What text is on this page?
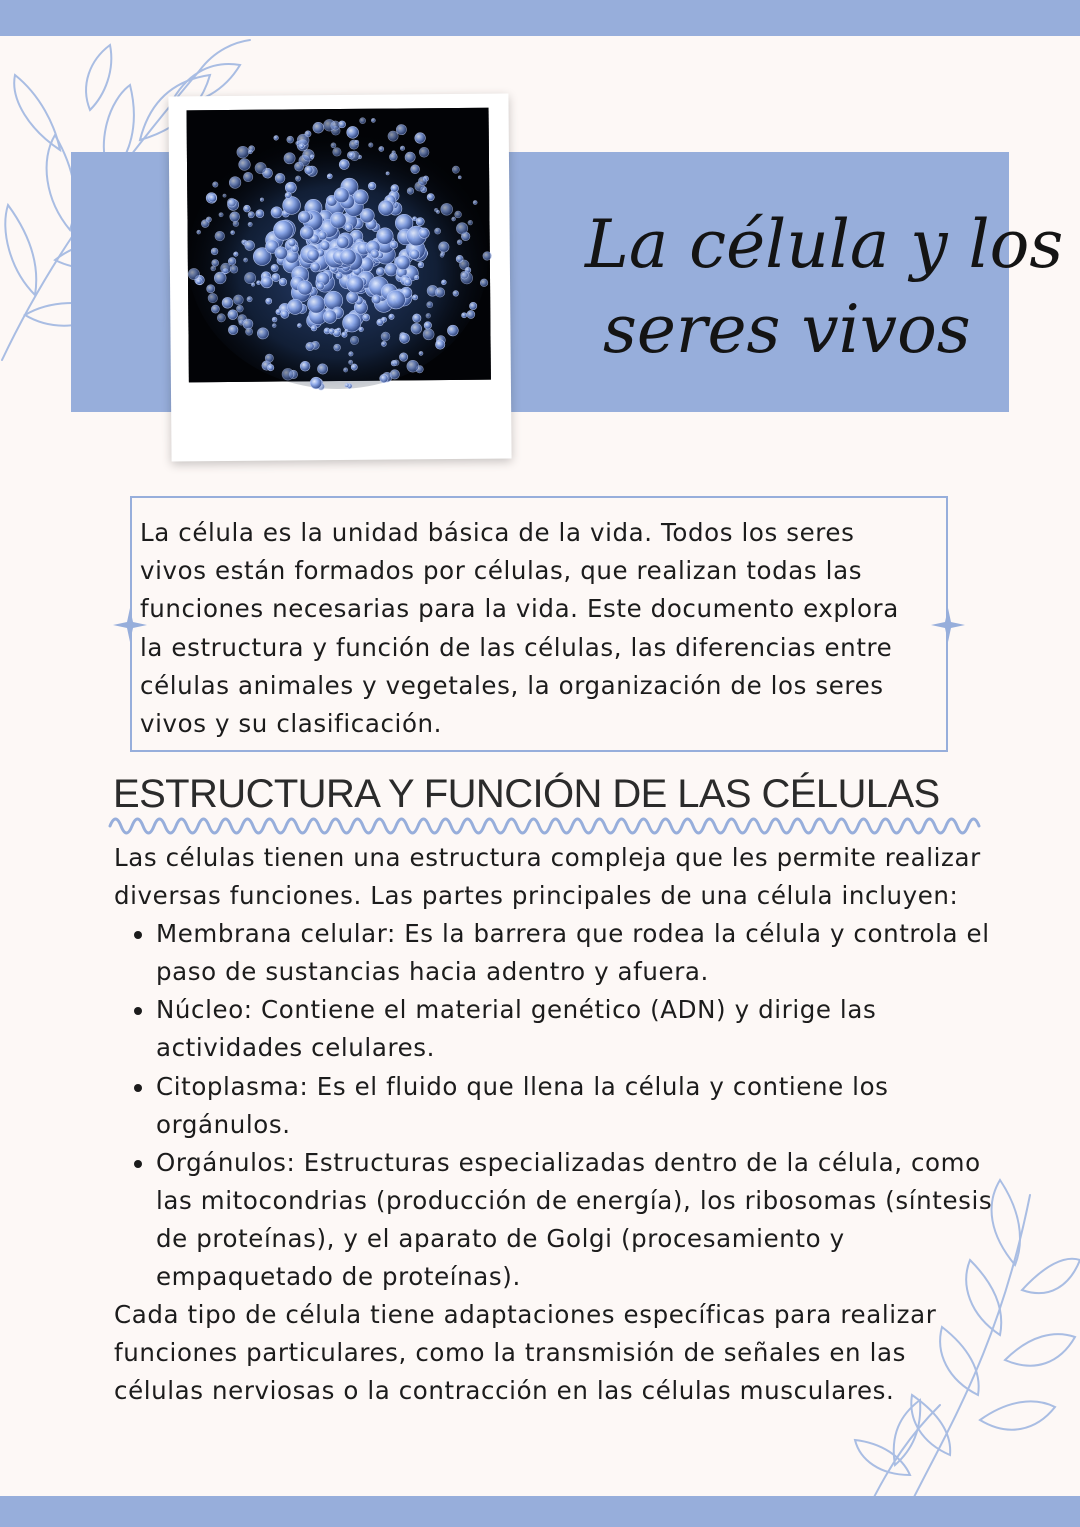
La célula y los
seres vivos

La célula es la unidad básica de la vida. Todos los seres vivos están formados por células, que realizan todas las funciones necesarias para la vida. Este documento explora la estructura y función de las células, las diferencias entre células animales y vegetales, la organización de los seres vivos y su clasificación.

ESTRUCTURA Y FUNCIÓN DE LAS CÉLULAS

Las células tienen una estructura compleja que les permite realizar diversas funciones. Las partes principales de una célula incluyen:

• Membrana celular: Es la barrera que rodea la célula y controla el paso de sustancias hacia adentro y afuera.
• Núcleo: Contiene el material genético (ADN) y dirige las actividades celulares.
• Citoplasma: Es el fluido que llena la célula y contiene los orgánulos.
• Orgánulos: Estructuras especializadas dentro de la célula, como las mitocondrias (producción de energía), los ribosomas (síntesis de proteínas), y el aparato de Golgi (procesamiento y empaquetado de proteínas).

Cada tipo de célula tiene adaptaciones específicas para realizar funciones particulares, como la transmisión de señales en las células nerviosas o la contracción en las células musculares.
